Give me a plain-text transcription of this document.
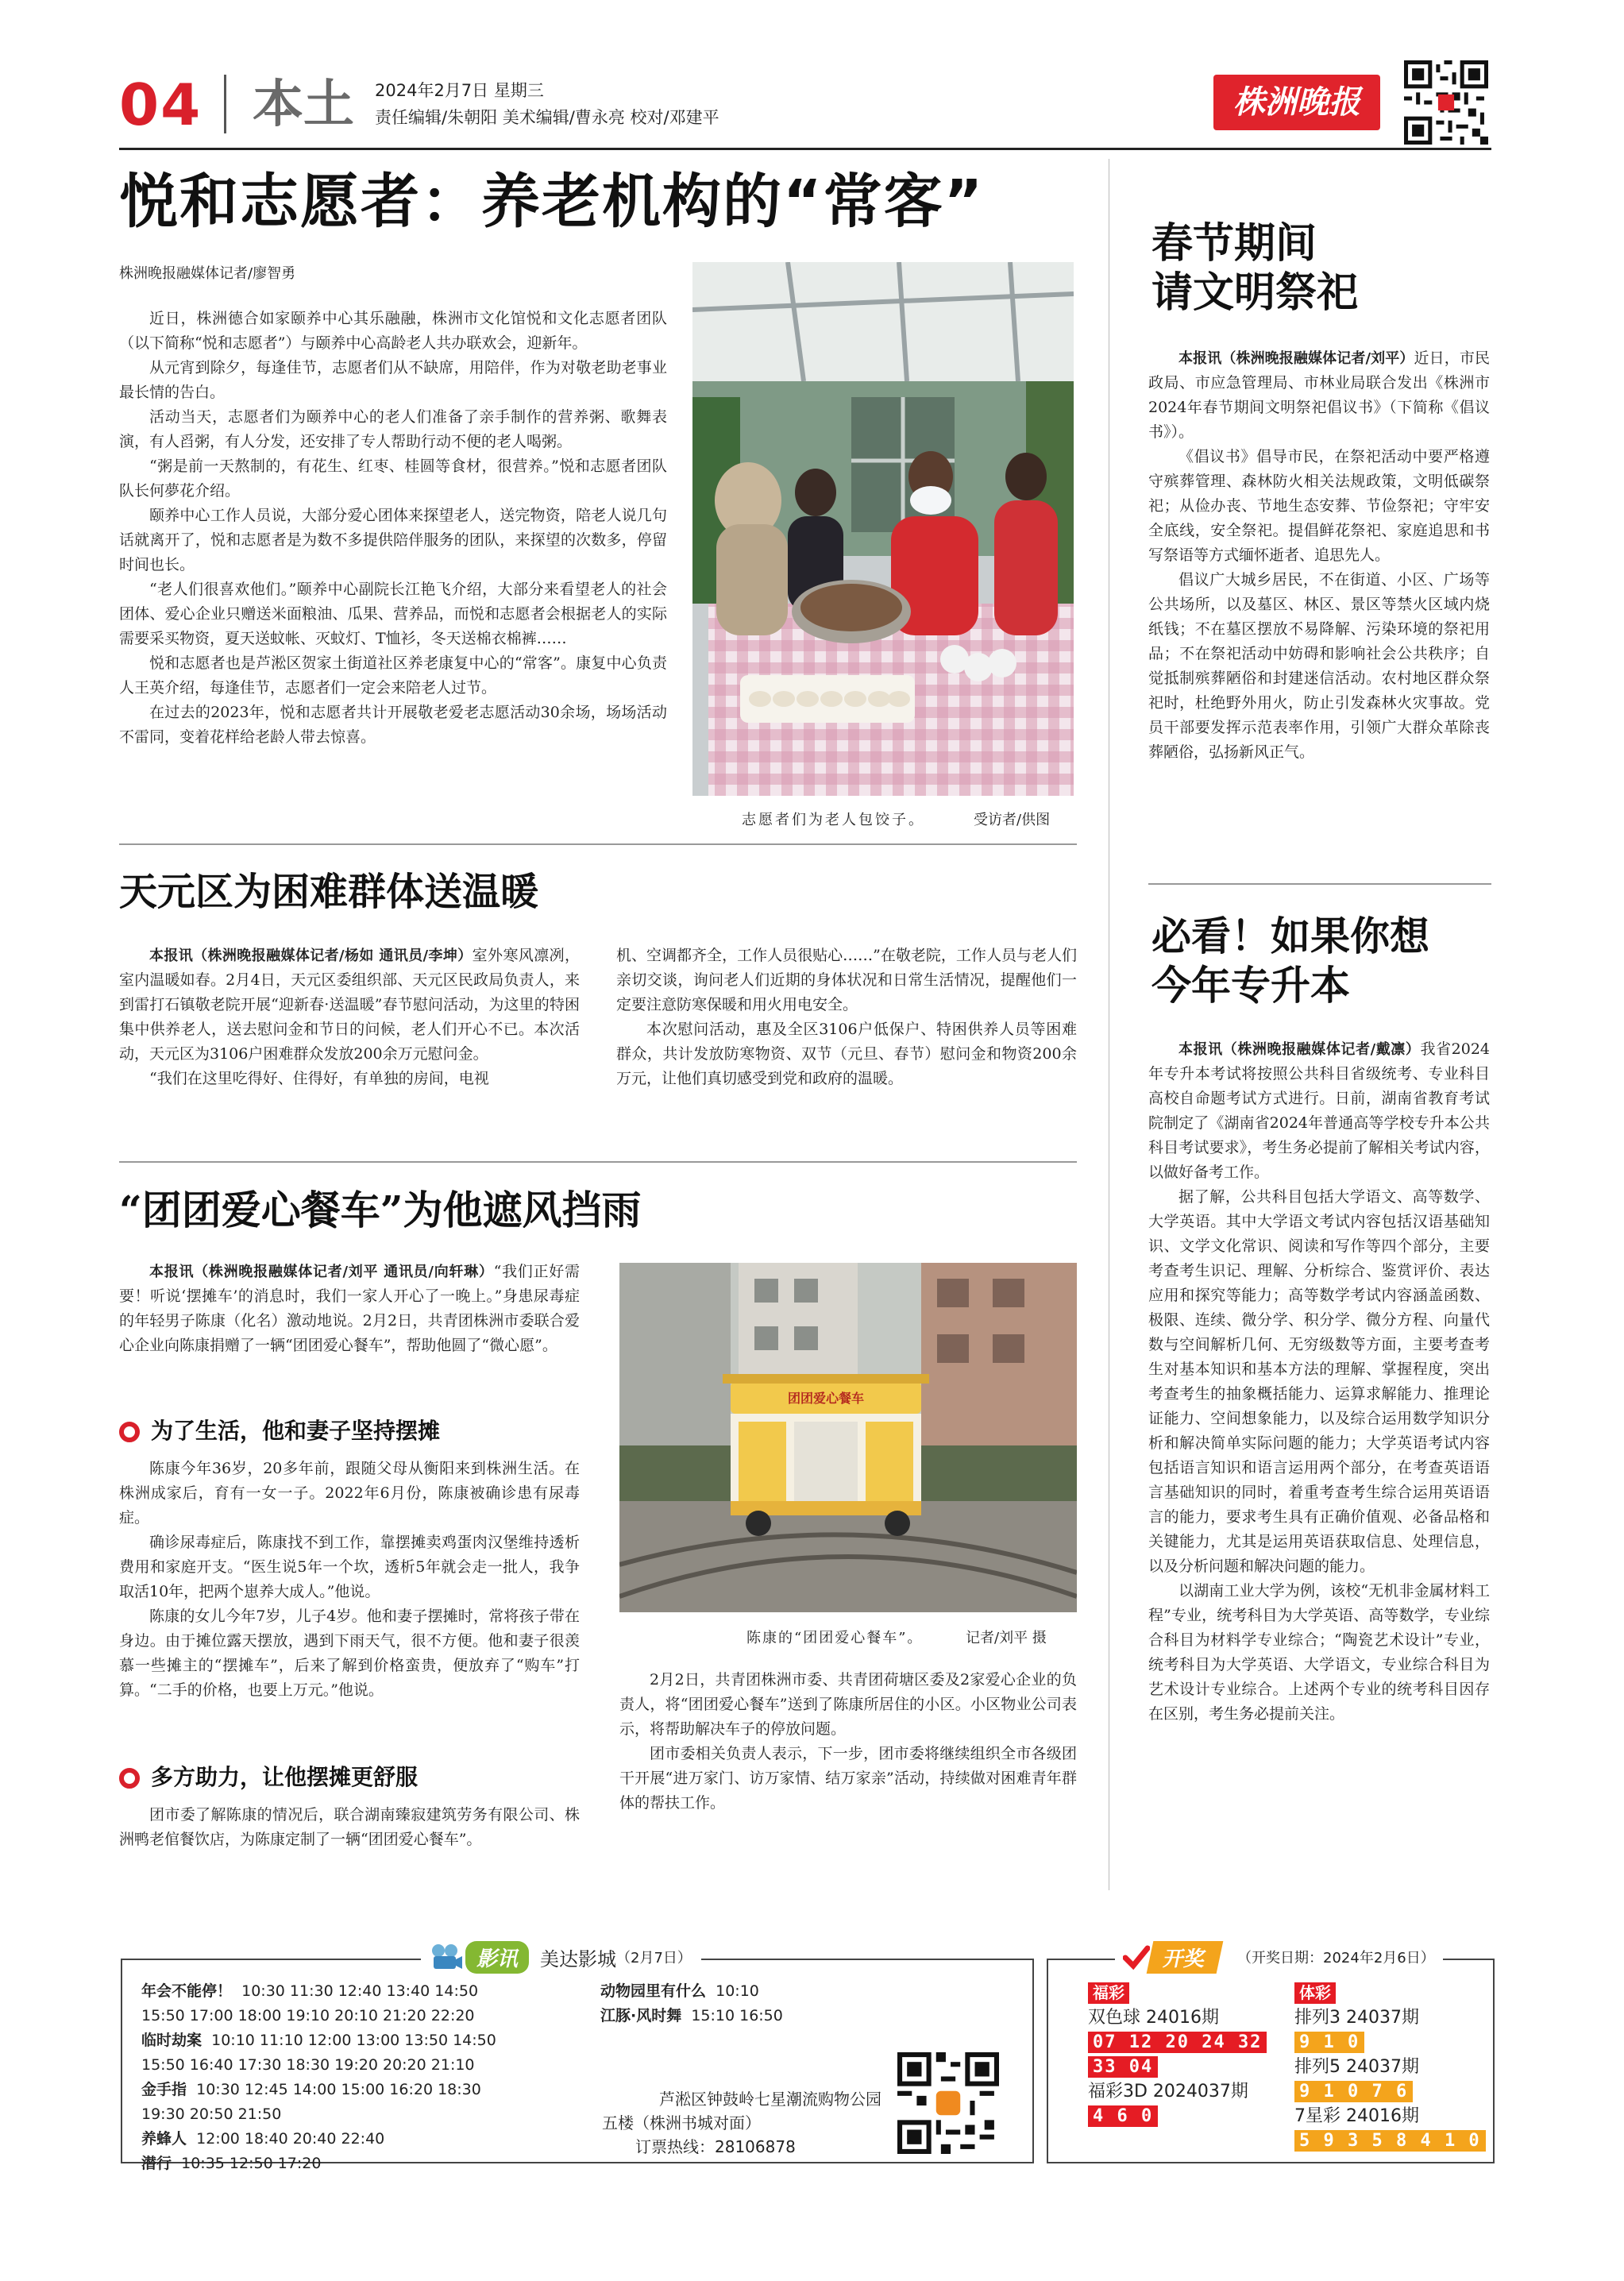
04 本土 2024年2月7日 星期三
责任编辑/朱朝阳 美术编辑/曹永亮 校对/邓建平	株洲晚报
悦和志愿者：养老机构的“常客”
株洲晚报融媒体记者/廖智勇

近日，株洲德合如家颐养中心其乐融融，株洲市文化馆悦和文化志愿者团队（以下简称“悦和志愿者”）与颐养中心高龄老人共办联欢会，迎新年。

从元宵到除夕，每逢佳节，志愿者们从不缺席，用陪伴，作为对敬老助老事业最长情的告白。

活动当天，志愿者们为颐养中心的老人们准备了亲手制作的营养粥、歌舞表演，有人舀粥，有人分发，还安排了专人帮助行动不便的老人喝粥。

“粥是前一天熬制的，有花生、红枣、桂圆等食材，很营养。”悦和志愿者团队队长何夢花介绍。

颐养中心工作人员说，大部分爱心团体来探望老人，送完物资，陪老人说几句话就离开了，悦和志愿者是为数不多提供陪伴服务的团队，来探望的次数多，停留时间也长。

“老人们很喜欢他们。”颐养中心副院长江艳飞介绍，大部分来看望老人的社会团体、爱心企业只赠送米面粮油、瓜果、营养品，而悦和志愿者会根据老人的实际需要采买物资，夏天送蚊帐、灭蚊灯、T恤衫，冬天送棉衣棉裤……

悦和志愿者也是芦淞区贺家土街道社区养老康复中心的“常客”。康复中心负责人王英介绍，每逢佳节，志愿者们一定会来陪老人过节。

在过去的2023年，悦和志愿者共计开展敬老爱老志愿活动30余场，场场活动不雷同，变着花样给老龄人带去惊喜。

志愿者们为老人包饺子。	受访者/供图
天元区为困难群体送温暖

本报讯（株洲晚报融媒体记者/杨如 通讯员/李坤）室外寒风凛冽，室内温暖如春。2月4日，天元区委组织部、天元区民政局负责人，来到雷打石镇敬老院开展“迎新春·送温暖”春节慰问活动，为这里的特困集中供养老人，送去慰问金和节日的问候，老人们开心不已。本次活动，天元区为3106户困难群众发放200余万元慰问金。

“我们在这里吃得好、住得好，有单独的房间，电视

机、空调都齐全，工作人员很贴心……”在敬老院，工作人员与老人们亲切交谈，询问老人们近期的身体状况和日常生活情况，提醒他们一定要注意防寒保暖和用火用电安全。

本次慰问活动，惠及全区3106户低保户、特困供养人员等困难群众，共计发放防寒物资、双节（元旦、春节）慰问金和物资200余万元，让他们真切感受到党和政府的温暖。

“团团爱心餐车”为他遮风挡雨

本报讯（株洲晚报融媒体记者/刘平 通讯员/向轩琳）“我们正好需要！听说‘摆摊车’的消息时，我们一家人开心了一晚上。”身患尿毒症的年轻男子陈康（化名）激动地说。2月2日，共青团株洲市委联合爱心企业向陈康捐赠了一辆“团团爱心餐车”，帮助他圆了“微心愿”。

为了生活，他和妻子坚持摆摊

陈康今年36岁，20多年前，跟随父母从衡阳来到株洲生活。在株洲成家后，育有一女一子。2022年6月份，陈康被确诊患有尿毒症。

确诊尿毒症后，陈康找不到工作，靠摆摊卖鸡蛋肉汉堡维持透析费用和家庭开支。“医生说5年一个坎，透析5年就会走一批人，我争取活10年，把两个崽养大成人。”他说。

陈康的女儿今年7岁，儿子4岁。他和妻子摆摊时，常将孩子带在身边。由于摊位露天摆放，遇到下雨天气，很不方便。他和妻子很羡慕一些摊主的“摆摊车”，后来了解到价格蛮贵，便放弃了“购车”打算。“二手的价格，也要上万元。”他说。

多方助力，让他摆摊更舒服

团市委了解陈康的情况后，联合湖南臻寂建筑劳务有限公司、株洲鸭老倌餐饮店，为陈康定制了一辆“团团爱心餐车”。

团团爱心餐车
陈康的“团团爱心餐车”。	记者/刘平 摄

2月2日，共青团株洲市委、共青团荷塘区委及2家爱心企业的负责人，将“团团爱心餐车”送到了陈康所居住的小区。小区物业公司表示，将帮助解决车子的停放问题。

团市委相关负责人表示，下一步，团市委将继续组织全市各级团干开展“进万家门、访万家情、结万家亲”活动，持续做对困难青年群体的帮扶工作。

春节期间
请文明祭祀

本报讯（株洲晚报融媒体记者/刘平）近日，市民政局、市应急管理局、市林业局联合发出《株洲市2024年春节期间文明祭祀倡议书》（下简称《倡议书》）。

《倡议书》倡导市民，在祭祀活动中要严格遵守殡葬管理、森林防火相关法规政策，文明低碳祭祀；从俭办丧、节地生态安葬、节俭祭祀；守牢安全底线，安全祭祀。提倡鲜花祭祀、家庭追思和书写祭语等方式缅怀逝者、追思先人。

倡议广大城乡居民，不在街道、小区、广场等公共场所，以及墓区、林区、景区等禁火区域内烧纸钱；不在墓区摆放不易降解、污染环境的祭祀用品；不在祭祀活动中妨碍和影响社会公共秩序；自觉抵制殡葬陋俗和封建迷信活动。农村地区群众祭祀时，杜绝野外用火，防止引发森林火灾事故。党员干部要发挥示范表率作用，引领广大群众革除丧葬陋俗，弘扬新风正气。

必看！如果你想
今年专升本

本报讯（株洲晚报融媒体记者/戴凛）我省2024年专升本考试将按照公共科目省级统考、专业科目高校自命题考试方式进行。日前，湖南省教育考试院制定了《湖南省2024年普通高等学校专升本公共科目考试要求》，考生务必提前了解相关考试内容，以做好备考工作。

据了解，公共科目包括大学语文、高等数学、大学英语。其中大学语文考试内容包括汉语基础知识、文学文化常识、阅读和写作等四个部分，主要考查考生识记、理解、分析综合、鉴赏评价、表达应用和探究等能力；高等数学考试内容涵盖函数、极限、连续、微分学、积分学、微分方程、向量代数与空间解析几何、无穷级数等方面，主要考查考生对基本知识和基本方法的理解、掌握程度，突出考查考生的抽象概括能力、运算求解能力、推理论证能力、空间想象能力，以及综合运用数学知识分析和解决简单实际问题的能力；大学英语考试内容包括语言知识和语言运用两个部分，在考查英语语言基础知识的同时，着重考查考生综合运用英语语言的能力，要求考生具有正确价值观、必备品格和关键能力，尤其是运用英语获取信息、处理信息，以及分析问题和解决问题的能力。

以湖南工业大学为例，该校“无机非金属材料工程”专业，统考科目为大学英语、高等数学，专业综合科目为材料学专业综合；“陶瓷艺术设计”专业，统考科目为大学英语、大学语文，专业综合科目为艺术设计专业综合。上述两个专业的统考科目因存在区别，考生务必提前关注。

影讯	美达影城 （2月7日）
年会不能停！ 10:30 11:30 12:40 13:40 14:50
15:50 17:00 18:00 19:10 20:10 21:20 22:20
临时劫案 10:10 11:10 12:00 13:00 13:50 14:50
15:50 16:40 17:30 18:30 19:20 20:20 21:10
金手指 10:30 12:45 14:00 15:00 16:20 18:30
19:30 20:50 21:50
养蜂人 12:00 18:40 20:40 22:40
潜行 10:35 12:50 17:20
动物园里有什么 10:10
江豚·风时舞 15:10 16:50
芦淞区钟鼓岭七星潮流购物公园
五楼（株洲书城对面）
订票热线：28106878
开奖	（开奖日期：2024年2月6日）
福彩
双色球 24016期
07 12 20 24 32
33 04
福彩3D 2024037期
4 6 0
体彩
排列3 24037期
9 1 0
排列5 24037期
9 1 0 7 6
7星彩 24016期
5 9 3 5 8 4 1 0
